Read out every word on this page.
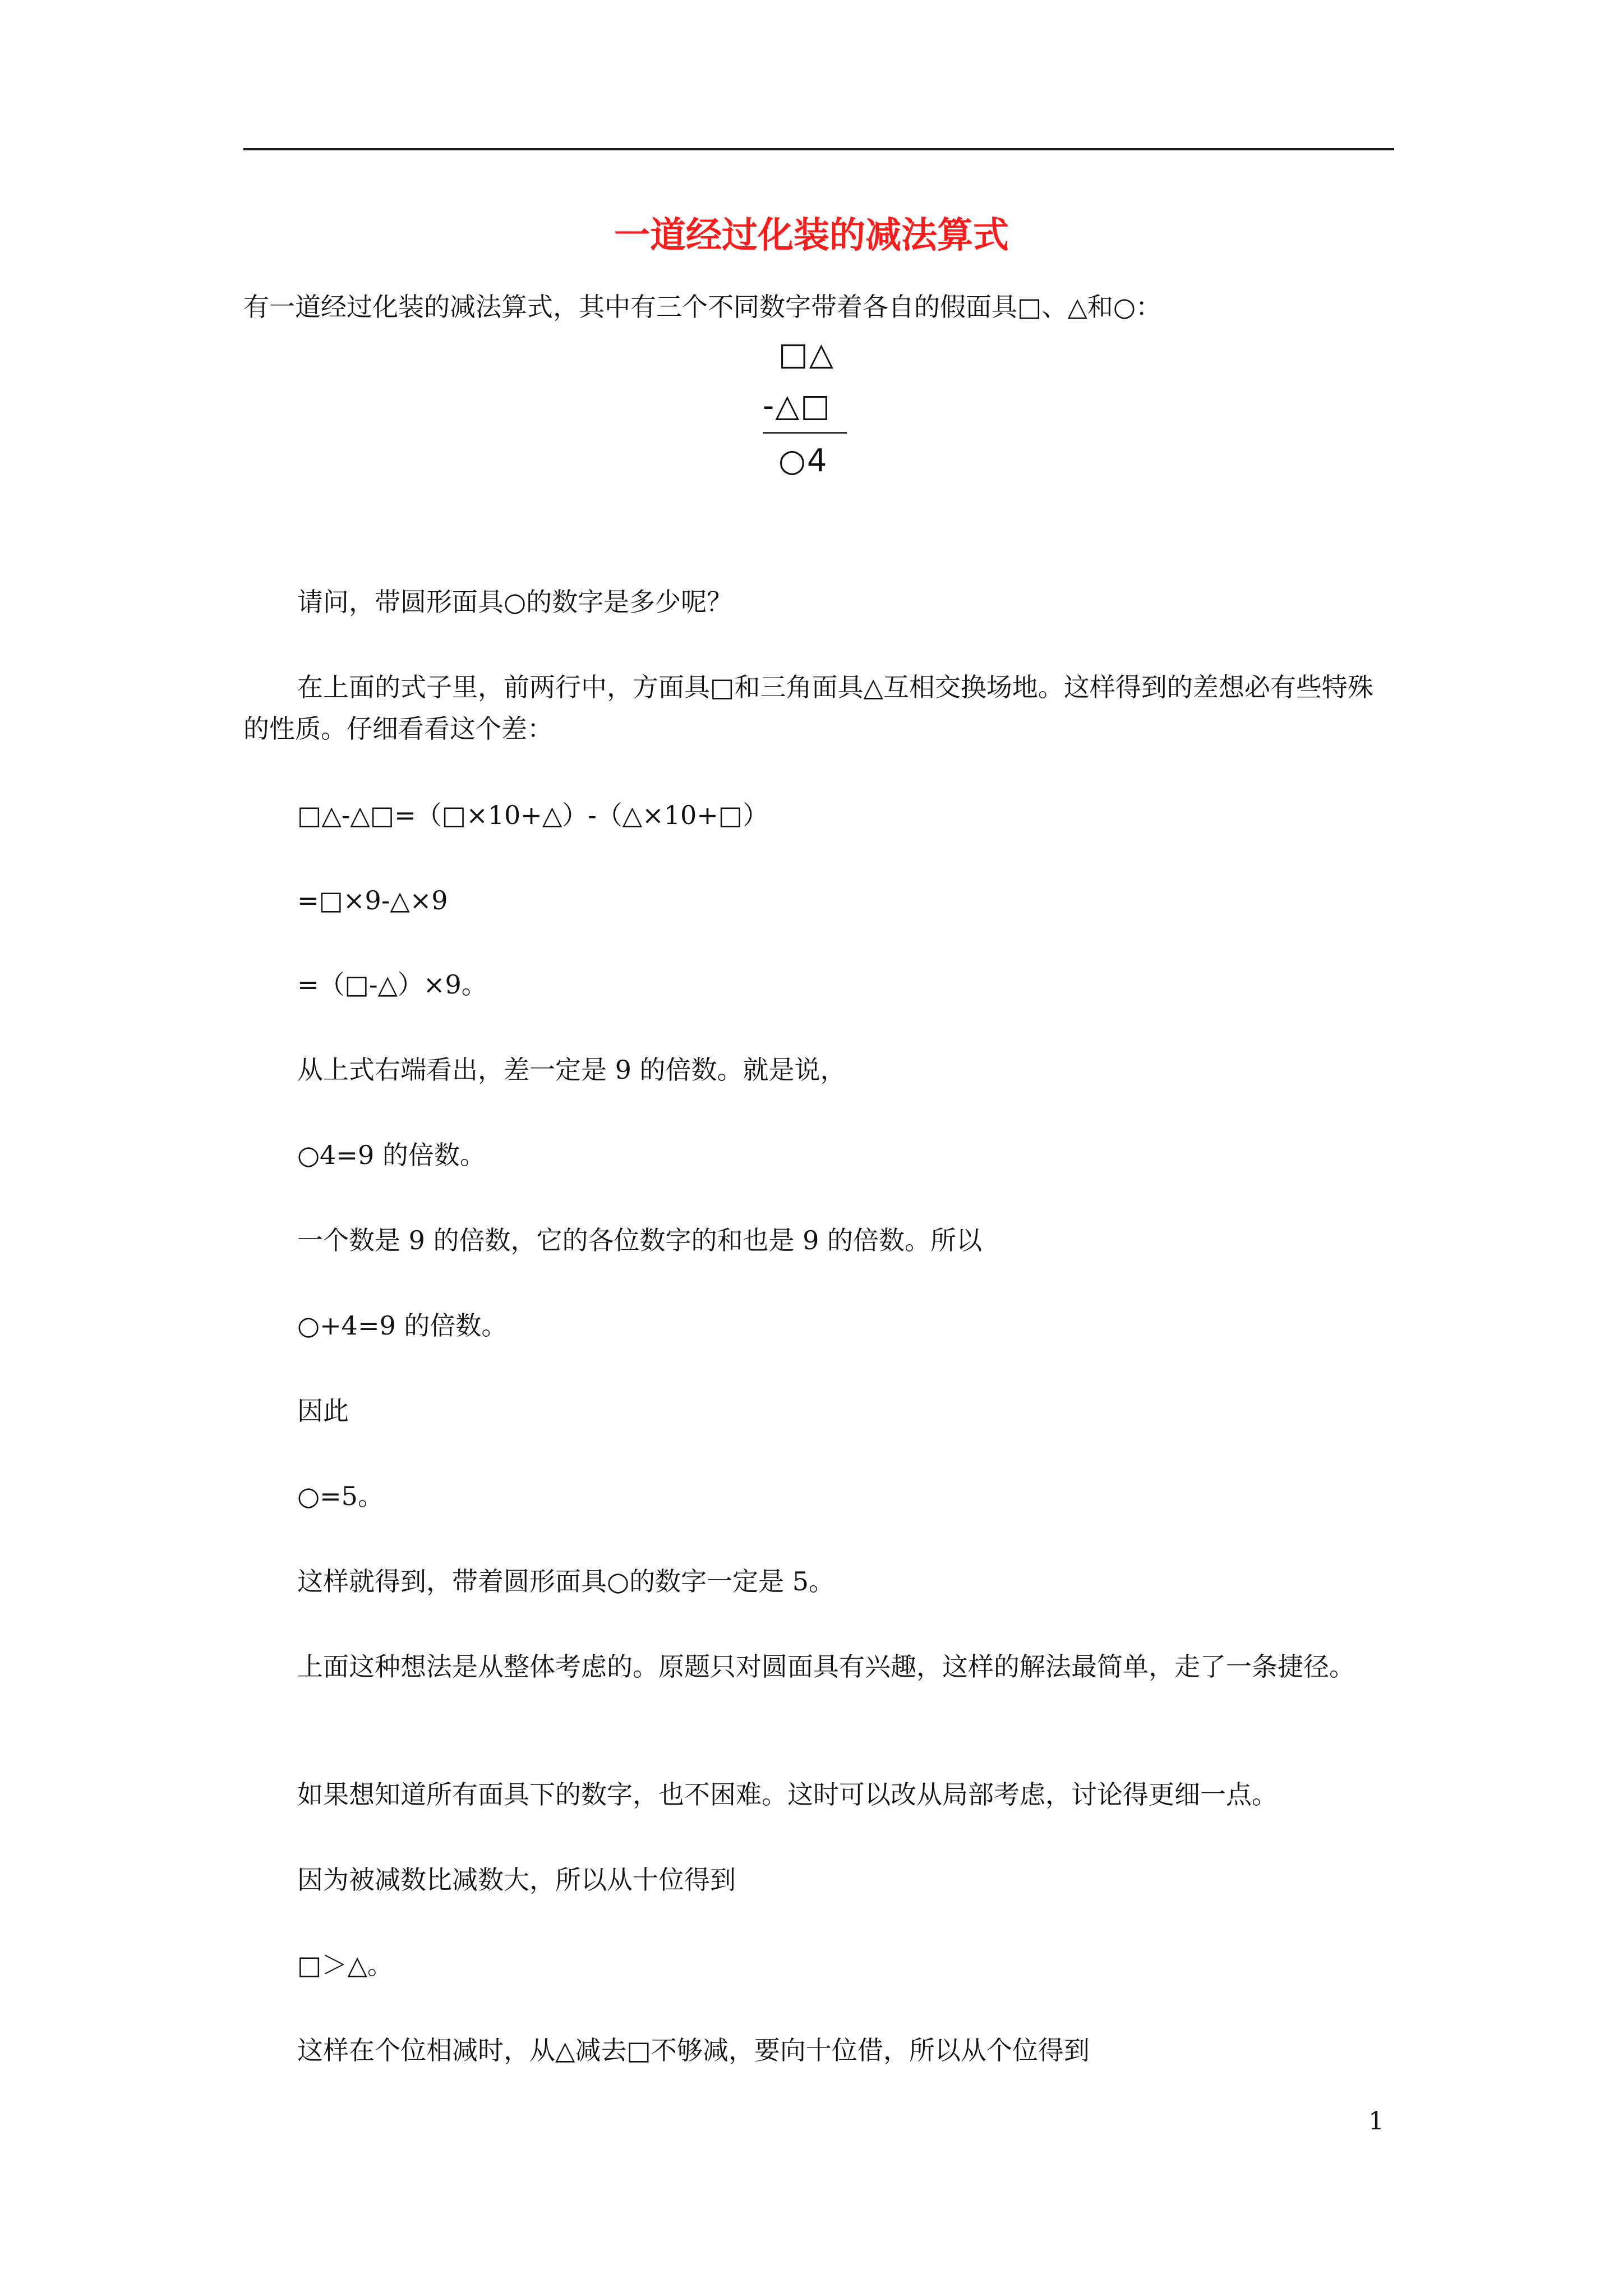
一道经过化装的减法算式

有一道经过化装的减法算式，其中有三个不同数字带着各自的假面具□、△和○：

□△
-△□
○4

请问，带圆形面具○的数字是多少呢？

在上面的式子里，前两行中，方面具□和三角面具△互相交换场地。这样得到的差想必有些特殊的性质。仔细看看这个差：

□△-△□=（□×10+△）-（△×10+□）

=□×9-△×9

=（□-△）×9。

从上式右端看出，差一定是 9 的倍数。就是说，

○4=9 的倍数。

一个数是 9 的倍数，它的各位数字的和也是 9 的倍数。所以

○+4=9 的倍数。

因此

○=5。

这样就得到，带着圆形面具○的数字一定是 5。

上面这种想法是从整体考虑的。原题只对圆面具有兴趣，这样的解法最简单，走了一条捷径。

如果想知道所有面具下的数字，也不困难。这时可以改从局部考虑，讨论得更细一点。

因为被减数比减数大，所以从十位得到

□＞△。

这样在个位相减时，从△减去□不够减，要向十位借，所以从个位得到

1
